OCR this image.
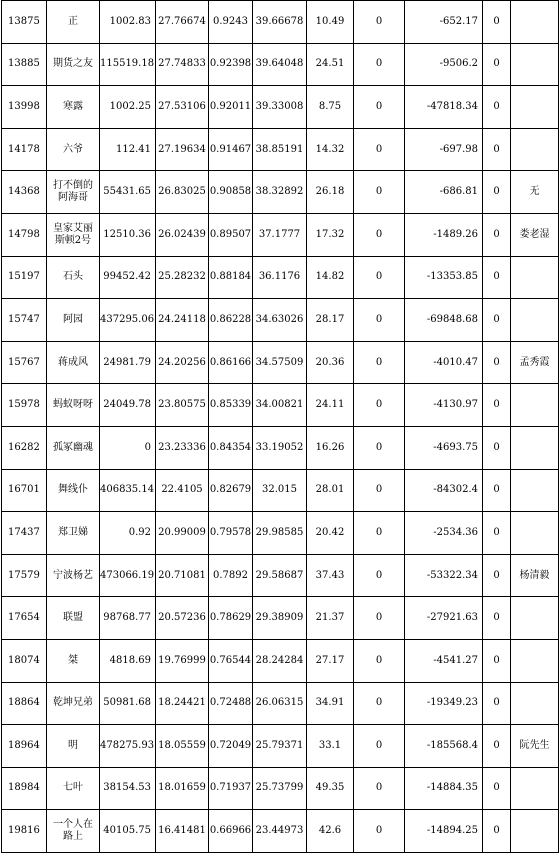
13875	正	1002.83	27.76674	0.9243	39.66678	10.49	0	-652.17	0	
13885	期货之友	115519.18	27.74833	0.92398	39.64048	24.51	0	-9506.2	0	
13998	寒露	1002.25	27.53106	0.92011	39.33008	8.75	0	-47818.34	0	
14178	六爷	112.41	27.19634	0.91467	38.85191	14.32	0	-697.98	0	
14368	打不倒的阿海哥	55431.65	26.83025	0.90858	38.32892	26.18	0	-686.81	0	无
14798	皇家艾丽斯顿2号	12510.36	26.02439	0.89507	37.1777	17.32	0	-1489.26	0	娄老湿
15197	石头	99452.42	25.28232	0.88184	36.1176	14.82	0	-13353.85	0	
15747	阿园	437295.06	24.24118	0.86228	34.63026	28.17	0	-69848.68	0	
15767	蒋成风	24981.79	24.20256	0.86166	34.57509	20.36	0	-4010.47	0	孟秀霞
15978	蚂蚁呀呀	24049.78	23.80575	0.85339	34.00821	24.11	0	-4130.97	0	
16282	孤冢幽魂	0	23.23336	0.84354	33.19052	16.26	0	-4693.75	0	
16701	舞线仆	406835.14	22.4105	0.82679	32.015	28.01	0	-84302.4	0	
17437	郑卫娣	0.92	20.99009	0.79578	29.98585	20.42	0	-2534.36	0	
17579	宁波杨艺	473066.19	20.71081	0.7892	29.58687	37.43	0	-53322.34	0	杨清毅
17654	联盟	98768.77	20.57236	0.78629	29.38909	21.37	0	-27921.63	0	
18074	桀	4818.69	19.76999	0.76544	28.24284	27.17	0	-4541.27	0	
18864	乾坤兄弟	50981.68	18.24421	0.72488	26.06315	34.91	0	-19349.23	0	
18964	明	478275.93	18.05559	0.72049	25.79371	33.1	0	-185568.4	0	阮先生
18984	七叶	38154.53	18.01659	0.71937	25.73799	49.35	0	-14884.35	0	
19816	一个人在路上	40105.75	16.41481	0.66966	23.44973	42.6	0	-14894.25	0	
